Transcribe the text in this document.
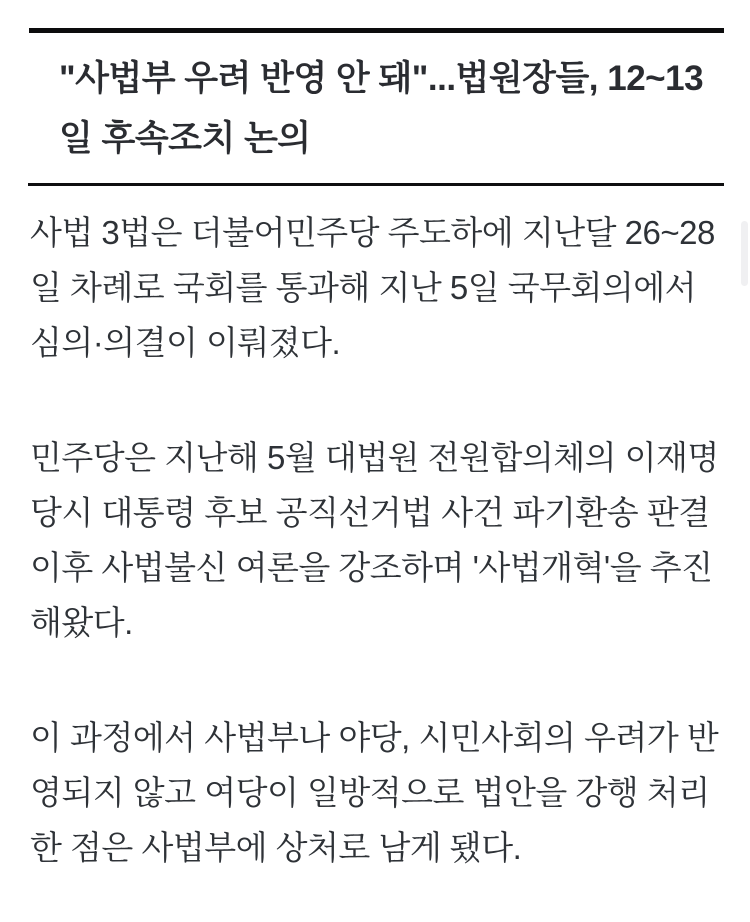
"사법부 우려 반영 안 돼"...법원장들, 12~13
일 후속조치 논의

사법 3법은 더불어민주당 주도하에 지난달 26~28
일 차례로 국회를 통과해 지난 5일 국무회의에서
심의·의결이 이뤄졌다.

민주당은 지난해 5월 대법원 전원합의체의 이재명
당시 대통령 후보 공직선거법 사건 파기환송 판결
이후 사법불신 여론을 강조하며 '사법개혁'을 추진
해왔다.

이 과정에서 사법부나 야당, 시민사회의 우려가 반
영되지 않고 여당이 일방적으로 법안을 강행 처리
한 점은 사법부에 상처로 남게 됐다.
